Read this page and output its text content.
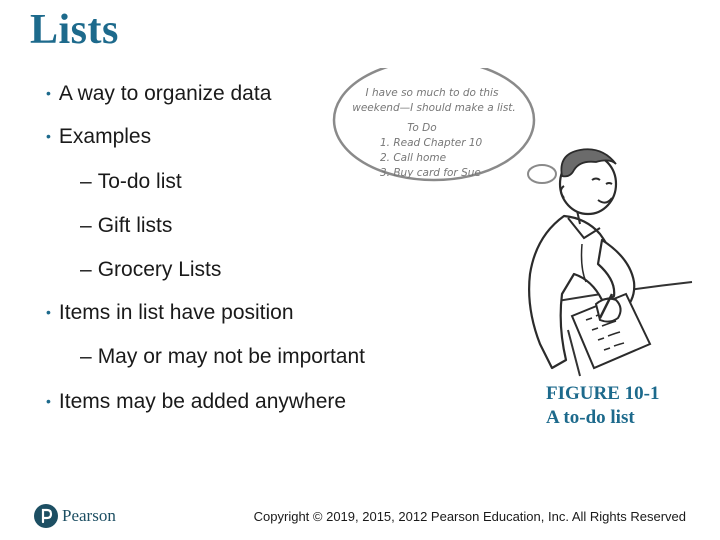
Lists
• A way to organize data
• Examples
– To-do list
– Gift lists
– Grocery Lists
• Items in list have position
– May or may not be important
• Items may be added anywhere
I have so much to do this
weekend—I should make a list.
To Do
1. Read Chapter 10
2. Call home
3. Buy card for Sue
FIGURE 10-1
A to-do list
Pearson	Copyright © 2019, 2015, 2012 Pearson Education, Inc. All Rights Reserved
